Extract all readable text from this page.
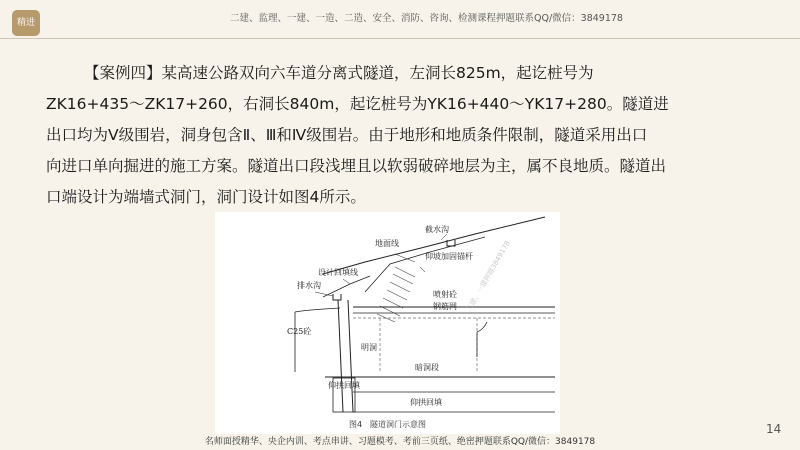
精进	二建、监理、一建、一造、二造、安全、消防、咨询、检测课程押题联系QQ/微信：3849178
【案例四】某高速公路双向六车道分离式隧道，左洞长825m，起讫桩号为
ZK16+435～ZK17+260，右洞长840m，起讫桩号为YK16+440～YK17+280。隧道进
出口均为Ⅴ级围岩，洞身包含Ⅱ、Ⅲ和Ⅳ级围岩。由于地形和地质条件限制，隧道采用出口
向进口单向掘进的施工方案。隧道出口段浅埋且以软弱破碎地层为主，属不良地质。隧道出
口端设计为端墙式洞门，洞门设计如图4所示。
截水沟
地面线
仰坡加固锚杆
设计回填线
排水沟
喷射砼
钢筋网
C25砼
明洞
暗洞段
仰拱回填
仰拱回填
二建、一建押题3849178
图4　隧道洞门示意图
名师面授精华、央企内训、考点串讲、习题模考、考前三页纸、绝密押题联系QQ/微信：3849178
14
